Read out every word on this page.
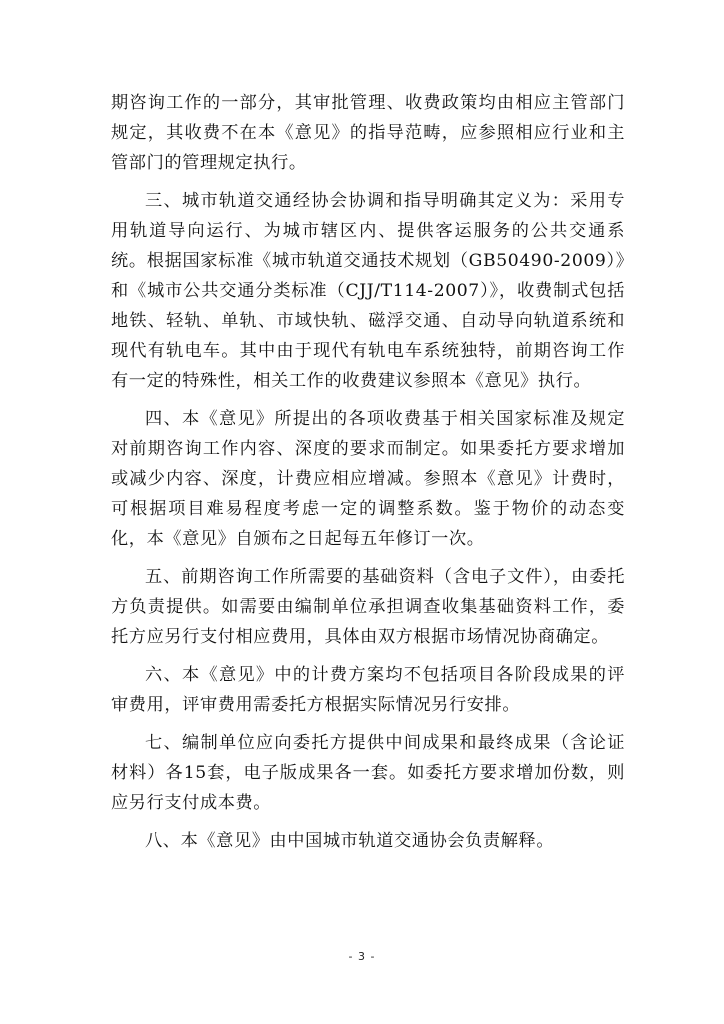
期咨询工作的一部分，其审批管理、收费政策均由相应主管部门规定，其收费不在本《意见》的指导范畴，应参照相应行业和主管部门的管理规定执行。

三、城市轨道交通经协会协调和指导明确其定义为：采用专用轨道导向运行、为城市辖区内、提供客运服务的公共交通系统。根据国家标准《城市轨道交通技术规划（GB50490-2009）》和《城市公共交通分类标准（CJJ/T114-2007）》，收费制式包括地铁、轻轨、单轨、市域快轨、磁浮交通、自动导向轨道系统和现代有轨电车。其中由于现代有轨电车系统独特，前期咨询工作有一定的特殊性，相关工作的收费建议参照本《意见》执行。

四、本《意见》所提出的各项收费基于相关国家标准及规定对前期咨询工作内容、深度的要求而制定。如果委托方要求增加或减少内容、深度，计费应相应增减。参照本《意见》计费时，可根据项目难易程度考虑一定的调整系数。鉴于物价的动态变化，本《意见》自颁布之日起每五年修订一次。

五、前期咨询工作所需要的基础资料（含电子文件），由委托方负责提供。如需要由编制单位承担调查收集基础资料工作，委托方应另行支付相应费用，具体由双方根据市场情况协商确定。

六、本《意见》中的计费方案均不包括项目各阶段成果的评审费用，评审费用需委托方根据实际情况另行安排。

七、编制单位应向委托方提供中间成果和最终成果（含论证材料）各15套，电子版成果各一套。如委托方要求增加份数，则应另行支付成本费。

八、本《意见》由中国城市轨道交通协会负责解释。

- 3 -
